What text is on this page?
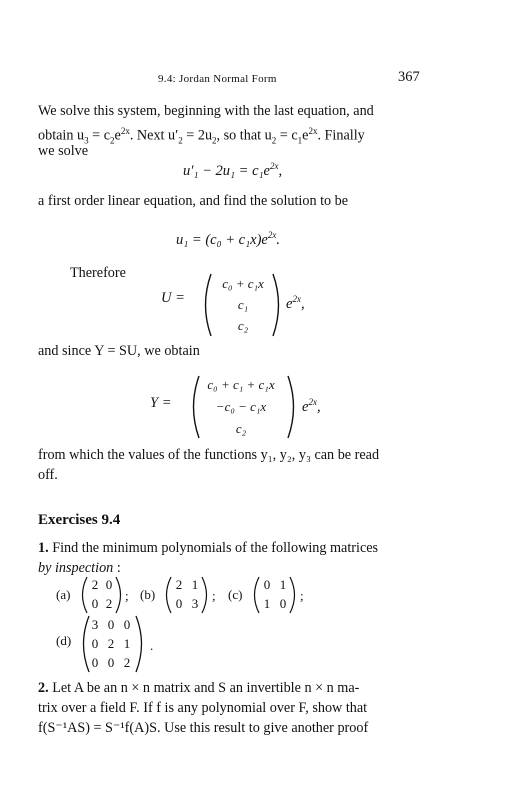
9.4: Jordan Normal Form	367
We solve this system, beginning with the last equation, and
obtain $u_3 = c_2e^{2x}$. Next $u'_2 = 2u_2$, so that $u_2 = c_1e^{2x}$. Finally
we solve
$u'_1 - 2u_1 = c_1e^{2x}$,
a first order linear equation, and find the solution to be
$u_1 = (c_0 + c_1x)e^{2x}$.
Therefore
U =
c₀ + c₁x
c₁
c₂
$e^{2x}$,
and since Y = SU, we obtain
Y =
c₀ + c₁ + c₁x
−c₀ − c₁x
c₂
$e^{2x}$,
from which the values of the functions y₁, y₂, y₃ can be read
off.
Exercises 9.4
1. Find the minimum polynomials of the following matrices
by inspection :
(a)
2 0
0 2
; (b)
2 1
0 3
; (c)
0 1
1 0
;
(d)
3 0 0
0 2 1
0 0 2
.
2. Let A be an n × n matrix and S an invertible n × n ma-
trix over a field F. If f is any polynomial over F, show that
f(S⁻¹AS) = S⁻¹f(A)S. Use this result to give another proof
